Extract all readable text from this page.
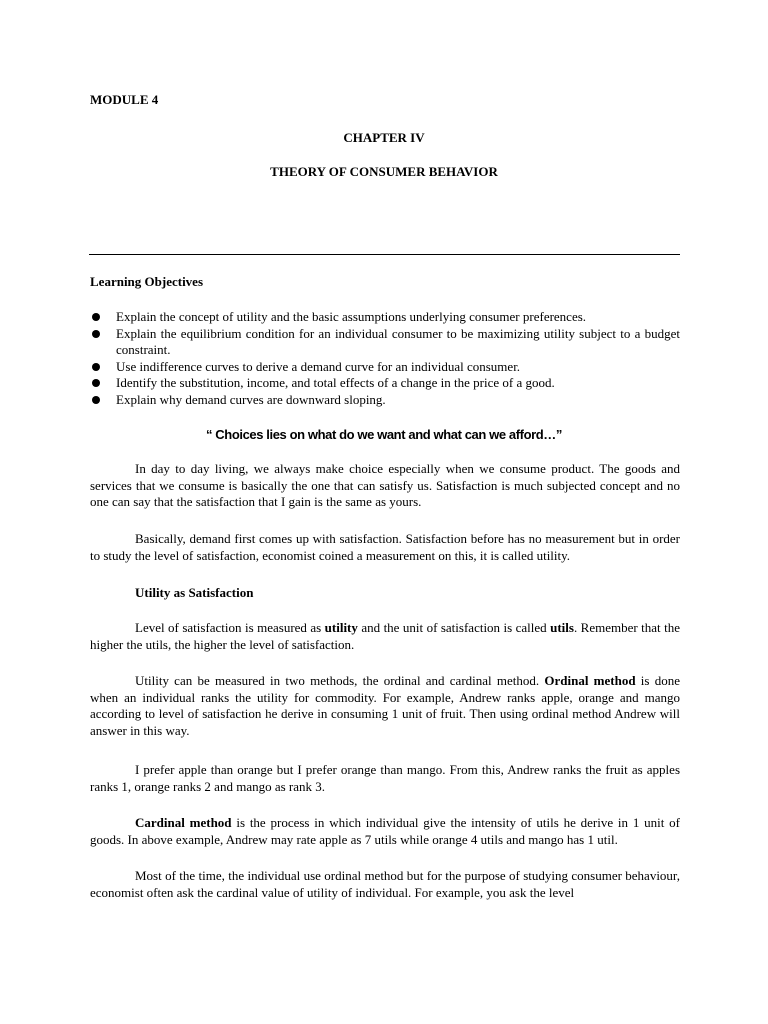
MODULE 4
CHAPTER IV
THEORY OF CONSUMER BEHAVIOR
Learning Objectives
Explain the concept of utility and the basic assumptions underlying consumer preferences.
Explain the equilibrium condition for an individual consumer to be maximizing utility subject to a budget constraint.
Use indifference curves to derive a demand curve for an individual consumer.
Identify the substitution, income, and total effects of a change in the price of a good.
Explain why demand curves are downward sloping.
“ Choices lies on what do we want and what can we afford…”

In day to day living, we always make choice especially when we consume product. The goods and services that we consume is basically the one that can satisfy us. Satisfaction is much subjected concept and no one can say that the satisfaction that I gain is the same as yours.

Basically, demand first comes up with satisfaction. Satisfaction before has no measurement but in order to study the level of satisfaction, economist coined a measurement on this, it is called utility.

Utility as Satisfaction

Level of satisfaction is measured as utility and the unit of satisfaction is called utils. Remember that the higher the utils, the higher the level of satisfaction.

Utility can be measured in two methods, the ordinal and cardinal method. Ordinal method is done when an individual ranks the utility for commodity. For example, Andrew ranks apple, orange and mango according to level of satisfaction he derive in consuming 1 unit of fruit. Then using ordinal method Andrew will answer in this way.

I prefer apple than orange but I prefer orange than mango. From this, Andrew ranks the fruit as apples ranks 1, orange ranks 2 and mango as rank 3.

Cardinal method is the process in which individual give the intensity of utils he derive in 1 unit of goods. In above example, Andrew may rate apple as 7 utils while orange 4 utils and mango has 1 util.

Most of the time, the individual use ordinal method but for the purpose of studying consumer behaviour, economist often ask the cardinal value of utility of individual. For example, you ask the level
